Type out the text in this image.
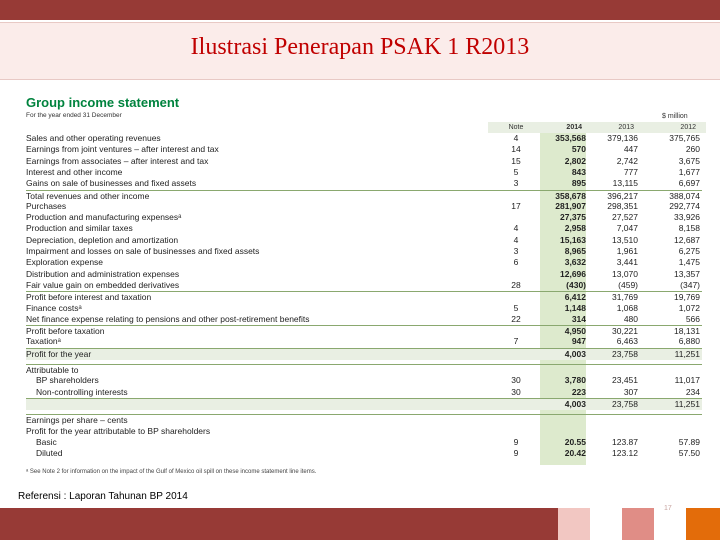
Ilustrasi Penerapan PSAK 1 R2013
Group income statement
For the year ended 31 December	$ million
Note	2014	2013	2012
Sales and other operating revenues	4	353,568	379,136	375,765
Earnings from joint ventures – after interest and tax	14	570	447	260
Earnings from associates – after interest and tax	15	2,802	2,742	3,675
Interest and other income	5	843	777	1,677
Gains on sale of businesses and fixed assets	3	895	13,115	6,697
Total revenues and other income	358,678	396,217	388,074
Purchases	17	281,907	298,351	292,774
Production and manufacturing expensesᵃ	27,375	27,527	33,926
Production and similar taxes	4	2,958	7,047	8,158
Depreciation, depletion and amortization	4	15,163	13,510	12,687
Impairment and losses on sale of businesses and fixed assets	3	8,965	1,961	6,275
Exploration expense	6	3,632	3,441	1,475
Distribution and administration expenses	12,696	13,070	13,357
Fair value gain on embedded derivatives	28	(430)	(459)	(347)
Profit before interest and taxation	6,412	31,769	19,769
Finance costsᵃ	5	1,148	1,068	1,072
Net finance expense relating to pensions and other post-retirement benefits	22	314	480	566
Profit before taxation	4,950	30,221	18,131
Taxationᵃ	7	947	6,463	6,880
Profit for the year	4,003	23,758	11,251
Attributable to
BP shareholders	30	3,780	23,451	11,017
Non-controlling interests	30	223	307	234
4,003	23,758	11,251
Earnings per share – cents
Profit for the year attributable to BP shareholders
Basic	9	20.55	123.87	57.89
Diluted	9	20.42	123.12	57.50
ᵃ See Note 2 for information on the impact of the Gulf of Mexico oil spill on these income statement line items.
Referensi : Laporan Tahunan BP 2014
17
